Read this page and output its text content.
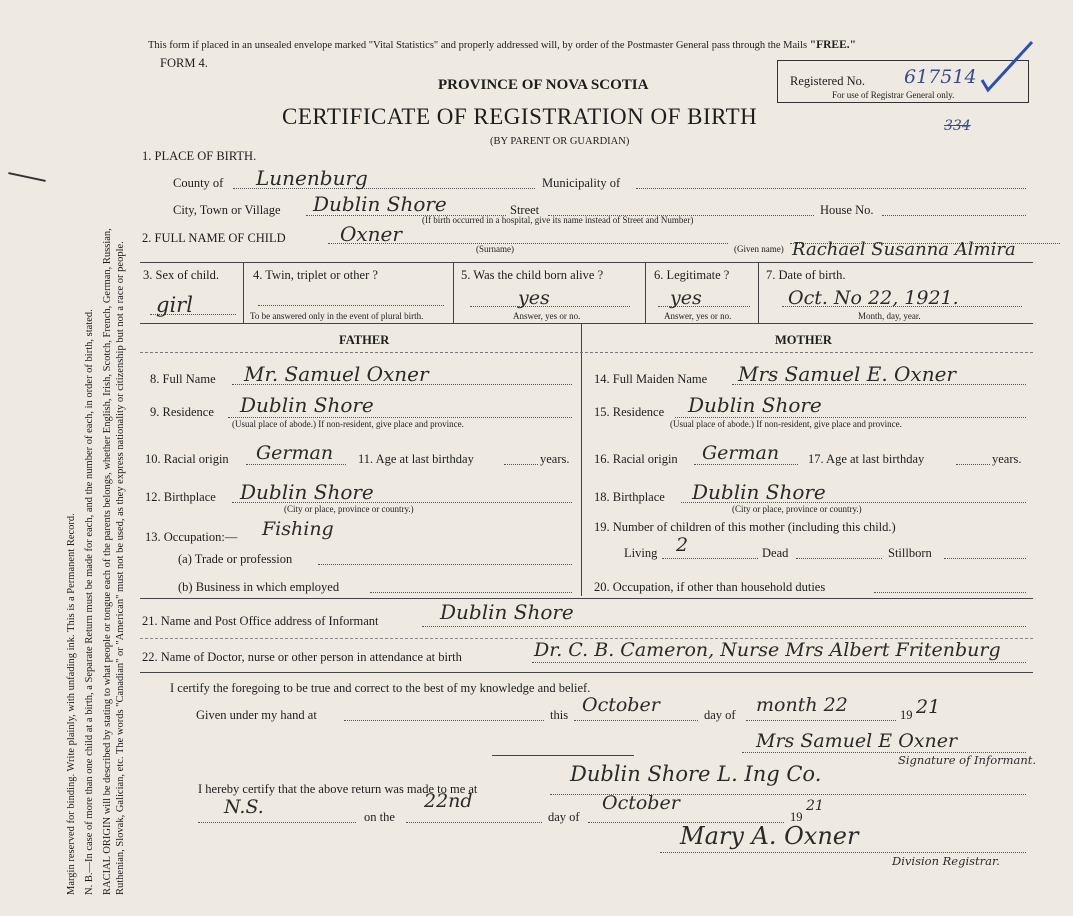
Margin reserved for binding. Write plainly, with unfading ink. This is a Permanent Record. N. B.—In case of more than one child at a birth, a Separate Return must be made for each, and the number of each, in order of birth, stated. RACIAL ORIGIN will be described by stating to what people or tongue each of the parents belongs, whether English, Irish, Scotch, French, German, Russian, Ruthenian, Slovak, Galician, etc. The words "Canadian" or "American" must not be used, as they express nationality or citizenship but not a race or people.
This form if placed in an unsealed envelope marked "Vital Statistics" and properly addressed will, by order of the Postmaster General pass through the Mails "FREE."
FORM 4.
PROVINCE OF NOVA SCOTIA
CERTIFICATE OF REGISTRATION OF BIRTH
(BY PARENT OR GUARDIAN)
Registered No. 617514
For use of Registrar General only.
334
1. PLACE OF BIRTH.
County of Lunenburg	Municipality of
City, Town or Village Dublin Shore	Street	House No.
(If birth occurred in a hospital, give its name instead of Street and Number)
2. FULL NAME OF CHILD	Oxner
(Surname)	(Given name) Rachael Susanna Almira
3. Sex of child.
girl
4. Twin, triplet or other ?
To be answered only in the event of plural birth.
5. Was the child born alive ?
yes
Answer, yes or no.
6. Legitimate ?
yes
Answer, yes or no.
7. Date of birth.
Oct. No 22, 1921.
Month, day, year.
FATHER	MOTHER
8. Full Name Mr. Samuel Oxner
9. Residence Dublin Shore
(Usual place of abode.) If non-resident, give place and province.
10. Racial origin German 11. Age at last birthday	years.
12. Birthplace Dublin Shore
(City or place, province or country.)
13. Occupation:— Fishing
(a) Trade or profession
(b) Business in which employed
14. Full Maiden Name Mrs Samuel E. Oxner
15. Residence Dublin Shore
(Usual place of abode.) If non-resident, give place and province.
16. Racial origin German 17. Age at last birthday	years.
18. Birthplace Dublin Shore
(City or place, province or country.)
19. Number of children of this mother (including this child.)
Living 2	Dead	Stillborn
20. Occupation, if other than household duties
21. Name and Post Office address of Informant	Dublin Shore
22. Name of Doctor, nurse or other person in attendance at birth	Dr. C. B. Cameron, Nurse Mrs Albert Fritenburg
I certify the foregoing to be true and correct to the best of my knowledge and belief.
Given under my hand at	this October	day of month 22	19 21
Mrs Samuel E Oxner
Signature of Informant.
I hereby certify that the above return was made to me at
Dublin Shore L. Ing Co.
N.S.	on the
22nd
day of
October
19
21
Mary A. Oxner
Division Registrar.
